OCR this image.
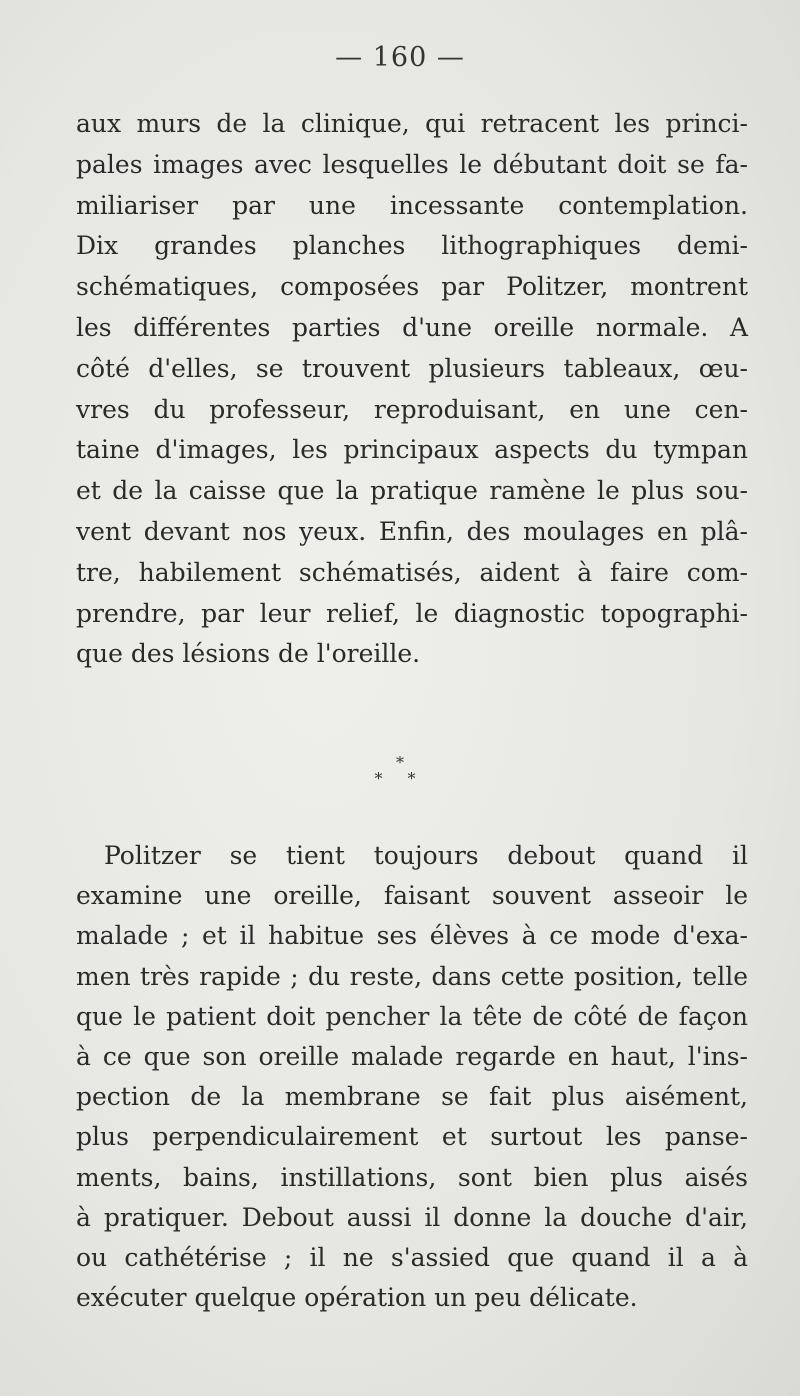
— 160 —
aux murs de la clinique, qui retracent les princi-
pales images avec lesquelles le débutant doit se fa-
miliariser par une incessante contemplation.
Dix grandes planches lithographiques demi-
schématiques, composées par Politzer, montrent
les différentes parties d'une oreille normale. A
côté d'elles, se trouvent plusieurs tableaux, œu-
vres du professeur, reproduisant, en une cen-
taine d'images, les principaux aspects du tympan
et de la caisse que la pratique ramène le plus sou-
vent devant nos yeux. Enfin, des moulages en plâ-
tre, habilement schématisés, aident à faire com-
prendre, par leur relief, le diagnostic topographi-
que des lésions de l'oreille.
*
* *
Politzer se tient toujours debout quand il
examine une oreille, faisant souvent asseoir le
malade ; et il habitue ses élèves à ce mode d'exa-
men très rapide ; du reste, dans cette position, telle
que le patient doit pencher la tête de côté de façon
à ce que son oreille malade regarde en haut, l'ins-
pection de la membrane se fait plus aisément,
plus perpendiculairement et surtout les panse-
ments, bains, instillations, sont bien plus aisés
à pratiquer. Debout aussi il donne la douche d'air,
ou cathétérise ; il ne s'assied que quand il a à
exécuter quelque opération un peu délicate.
